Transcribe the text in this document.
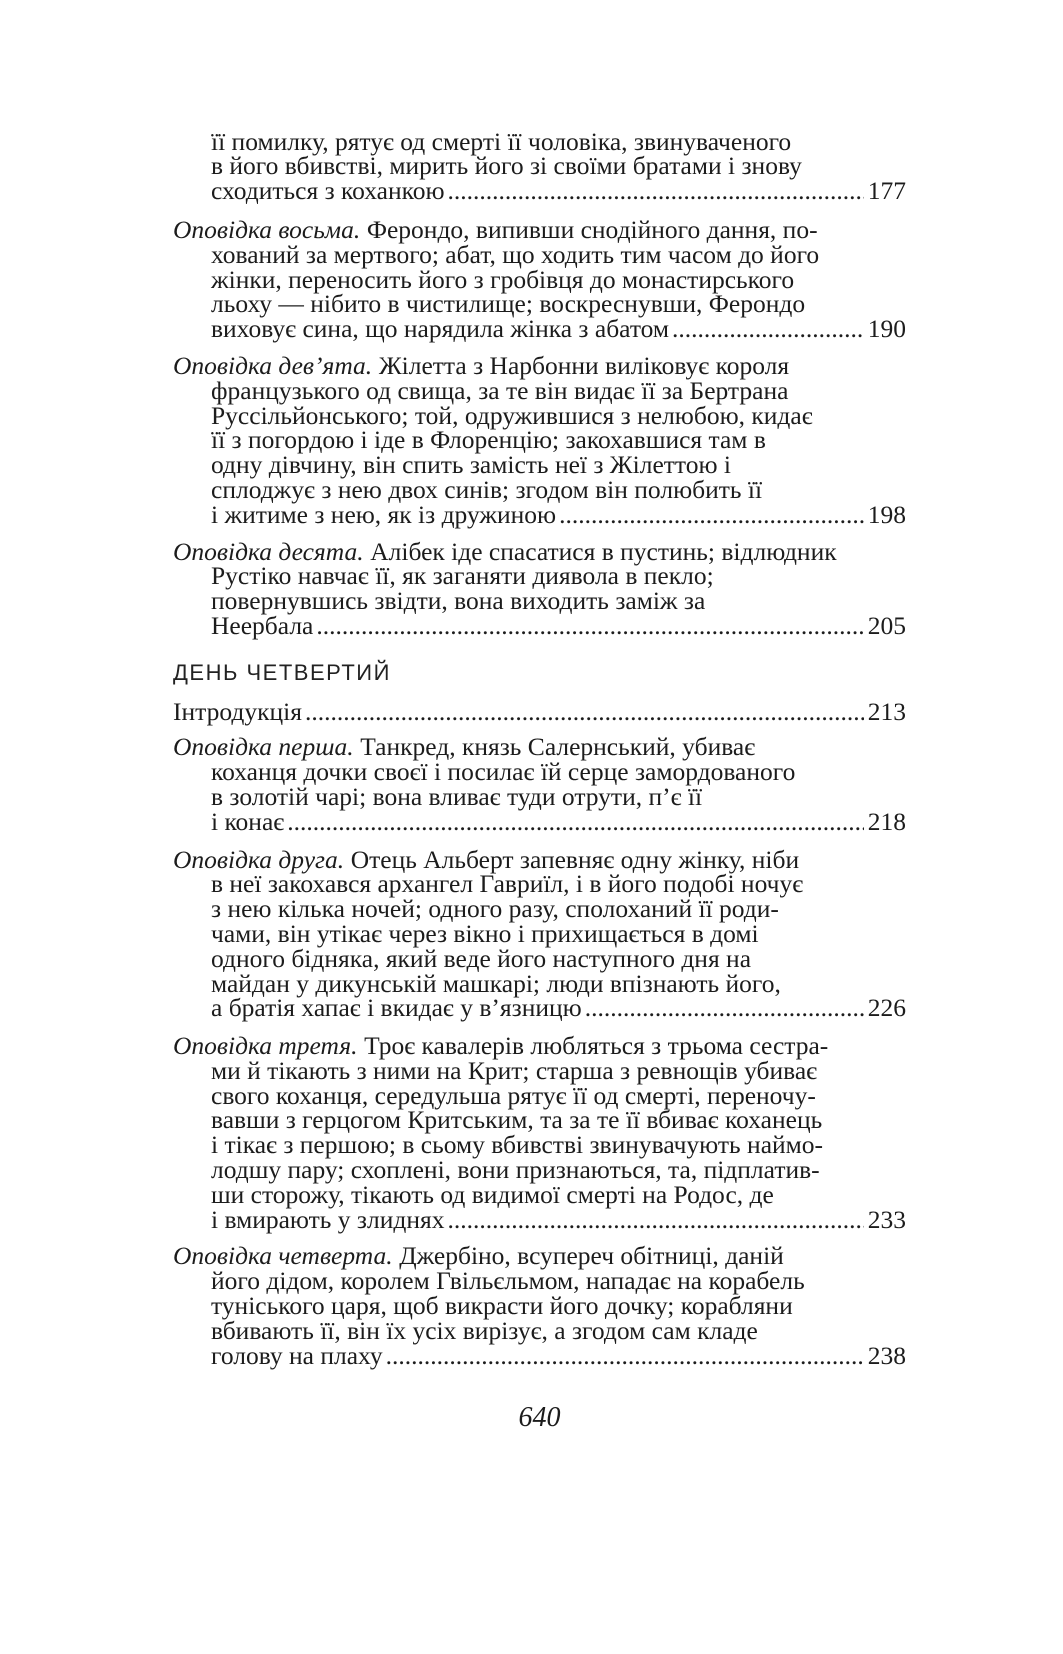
її помилку, рятує од смерті її чоловіка, звинуваченого
в його вбивстві, мирить його зі своїми братами і знову
сходиться з коханкою .....	177
Оповідка восьма. Ферондо, випивши снодійного дання, по-
хований за мертвого; абат, що ходить тим часом до його
жінки, переносить його з гробівця до монастирського
льоху — нібито в чистилище; воскреснувши, Ферондо
виховує сина, що нарядила жінка з абатом .....	190
Оповідка дев’ята. Жілетта з Нарбонни виліковує короля
французького од свища, за те він видає її за Бертрана
Руссільйонського; той, одружившися з нелюбою, кидає
її з погордою і іде в Флоренцію; закохавшися там в
одну дівчину, він спить замість неї з Жілеттою і
сплоджує з нею двох синів; згодом він полюбить її
і житиме з нею, як із дружиною .....	198
Оповідка десята. Алібек іде спасатися в пустинь; відлюдник
Рустіко навчає її, як заганяти диявола в пекло;
повернувшись звідти, вона виходить заміж за
Неербала .....	205
ДЕНЬ ЧЕТВЕРТИЙ
Інтродукція .....	213
Оповідка перша. Танкред, князь Салернський, убиває
коханця дочки своєї і посилає їй серце замордованого
в золотій чарі; вона вливає туди отрути, п’є її
і конає .....	218
Оповідка друга. Отець Альберт запевняє одну жінку, ніби
в неї закохався архангел Гавриїл, і в його подобі ночує
з нею кілька ночей; одного разу, сполоханий її роди-
чами, він утікає через вікно і прихищається в домі
одного бідняка, який веде його наступного дня на
майдан у дикунській машкарі; люди впізнають його,
а братія хапає і вкидає у в’язницю .....	226
Оповідка третя. Троє кавалерів любляться з трьома сестра-
ми й тікають з ними на Крит; старша з ревнощів убиває
свого коханця, середульша рятує її од смерті, переночу-
вавши з герцогом Критським, та за те її вбиває коханець
і тікає з першою; в сьому вбивстві звинувачують наймо-
лодшу пару; схоплені, вони признаються, та, підплатив-
ши сторожу, тікають од видимої смерті на Родос, де
і вмирають у злиднях .....	233
Оповідка четверта. Джербіно, всупереч обітниці, даній
його дідом, королем Гвільєльмом, нападає на корабель
туніського царя, щоб викрасти його дочку; корабляни
вбивають її, він їх усіх вирізує, а згодом сам кладе
голову на плаху .....	238
640
